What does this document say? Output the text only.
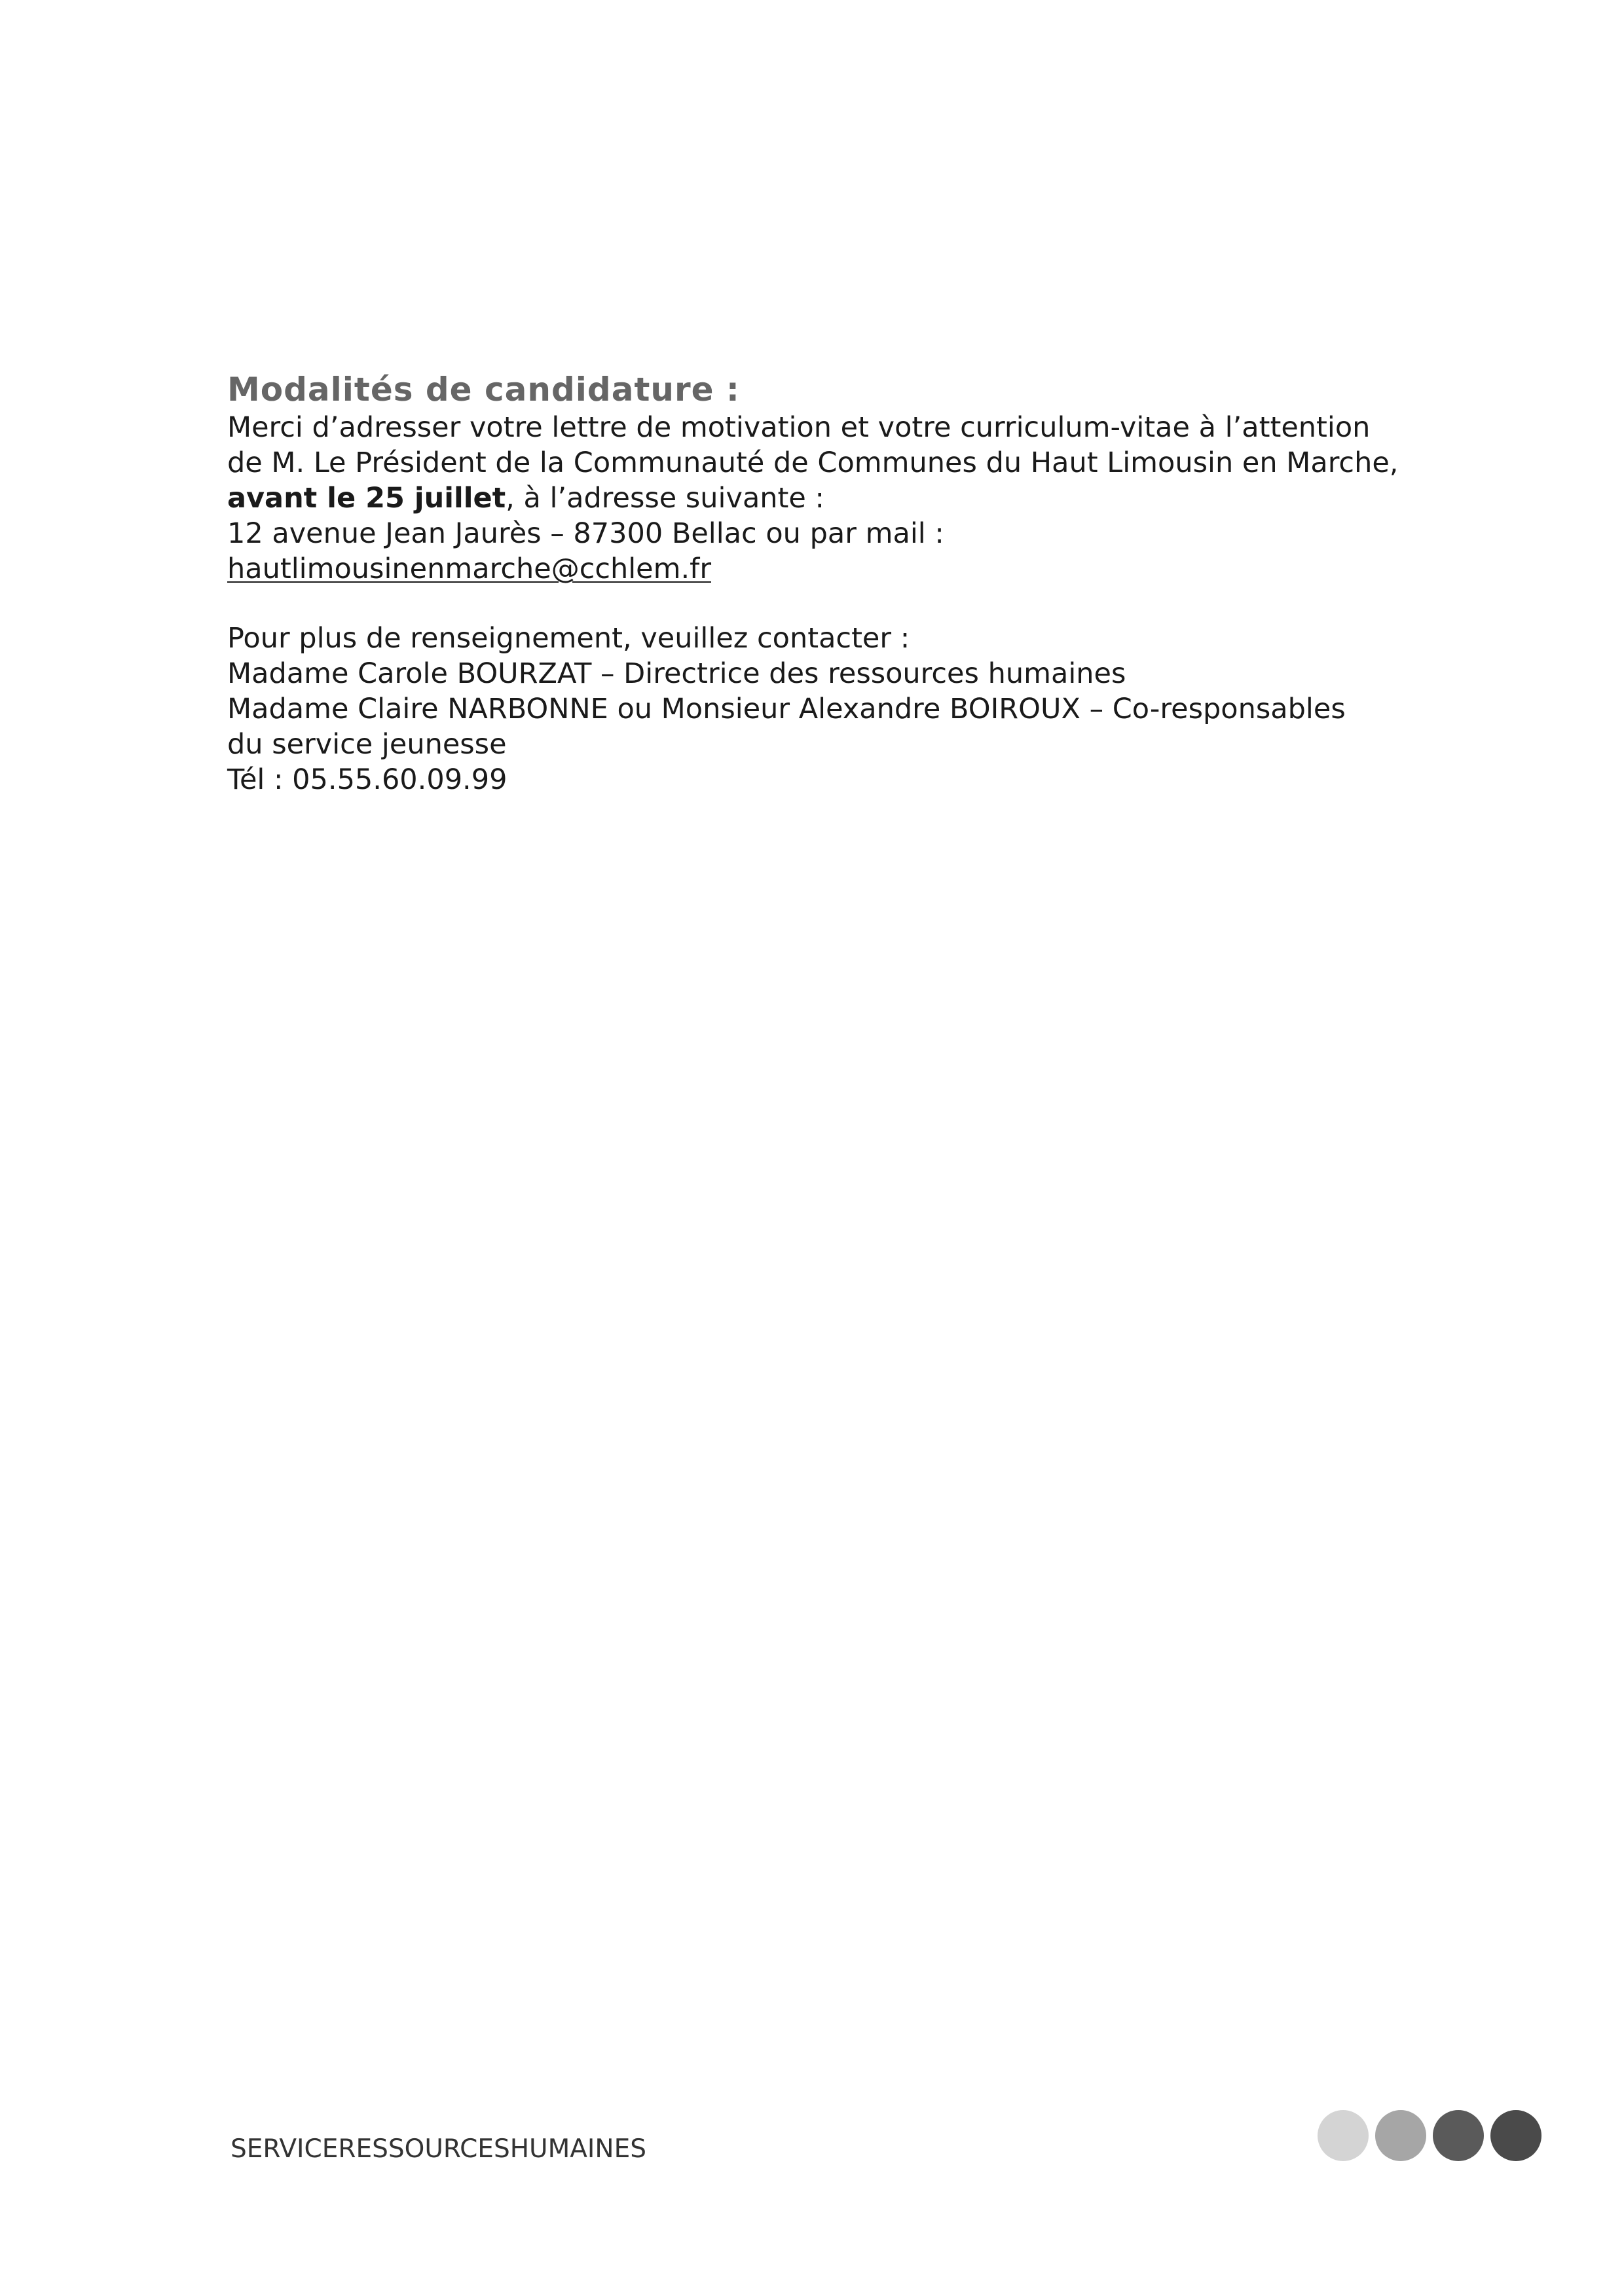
Modalités de candidature :
Merci d’adresser votre lettre de motivation et votre curriculum-vitae à l’attention
de M. Le Président de la Communauté de Communes du Haut Limousin en Marche,
avant le 25 juillet, à l’adresse suivante :
12 avenue Jean Jaurès – 87300 Bellac ou par mail :
hautlimousinenmarche@cchlem.fr
Pour plus de renseignement, veuillez contacter :
Madame Carole BOURZAT – Directrice des ressources humaines
Madame Claire NARBONNE ou Monsieur Alexandre BOIROUX – Co-responsables
du service jeunesse
Tél : 05.55.60.09.99
SERVICERESSOURCESHUMAINES
